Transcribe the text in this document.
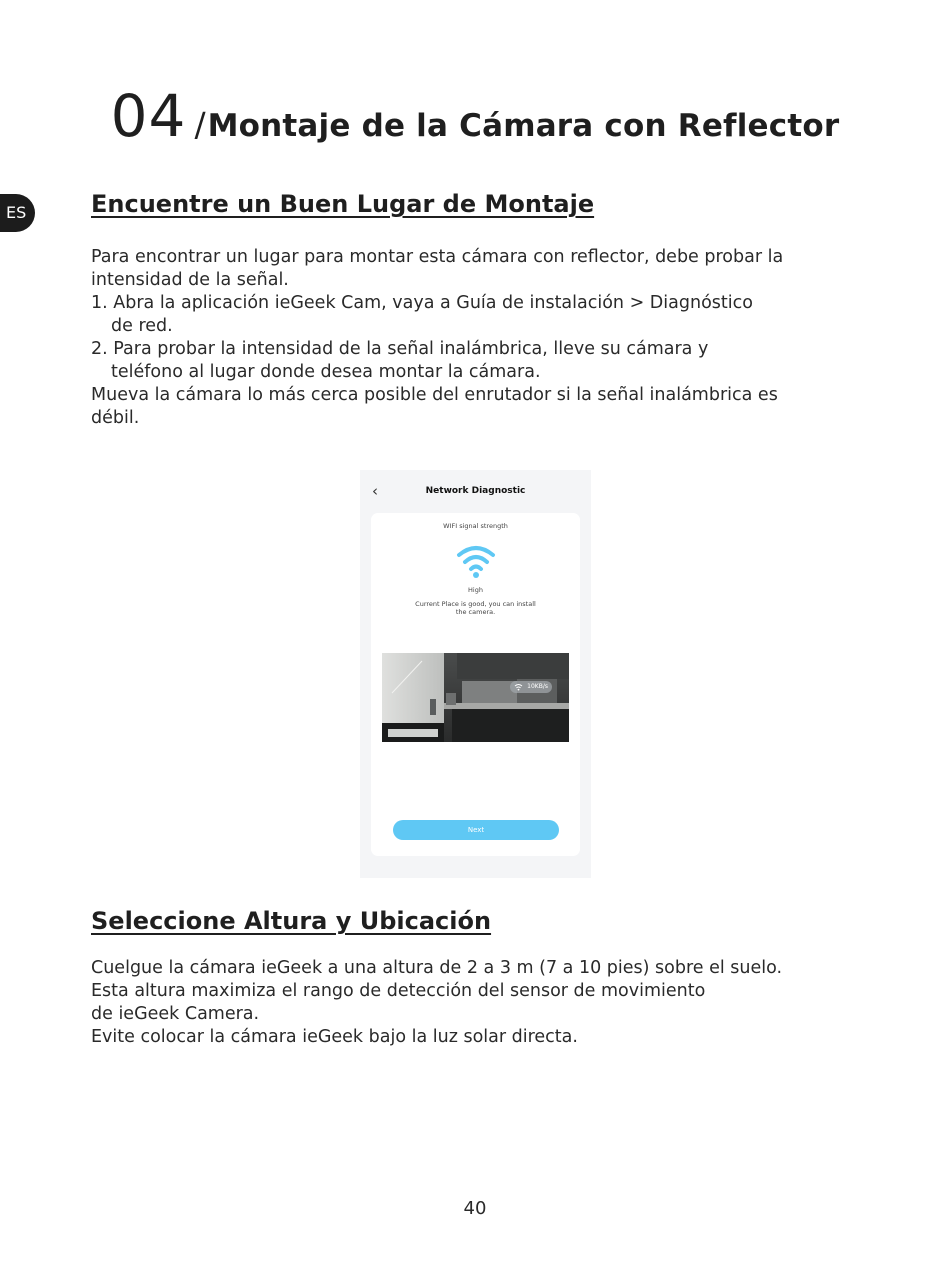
04 /Montaje de la Cámara con Reflector
ES	Encuentre un Buen Lugar de Montaje
Para encontrar un lugar para montar esta cámara con reflector, debe probar la
intensidad de la señal.
1. Abra la aplicación ieGeek Cam, vaya a Guía de instalación > Diagnóstico
de red.
2. Para probar la intensidad de la señal inalámbrica, lleve su cámara y
teléfono al lugar donde desea montar la cámara.
Mueva la cámara lo más cerca posible del enrutador si la señal inalámbrica es
débil.
‹	Network Diagnostic
WIFI signal strength
High
Current Place is good, you can install
the camera.
10KB/s
Next
Seleccione Altura y Ubicación
Cuelgue la cámara ieGeek a una altura de 2 a 3 m (7 a 10 pies) sobre el suelo.
Esta altura maximiza el rango de detección del sensor de movimiento
de ieGeek Camera.
Evite colocar la cámara ieGeek bajo la luz solar directa.
40
